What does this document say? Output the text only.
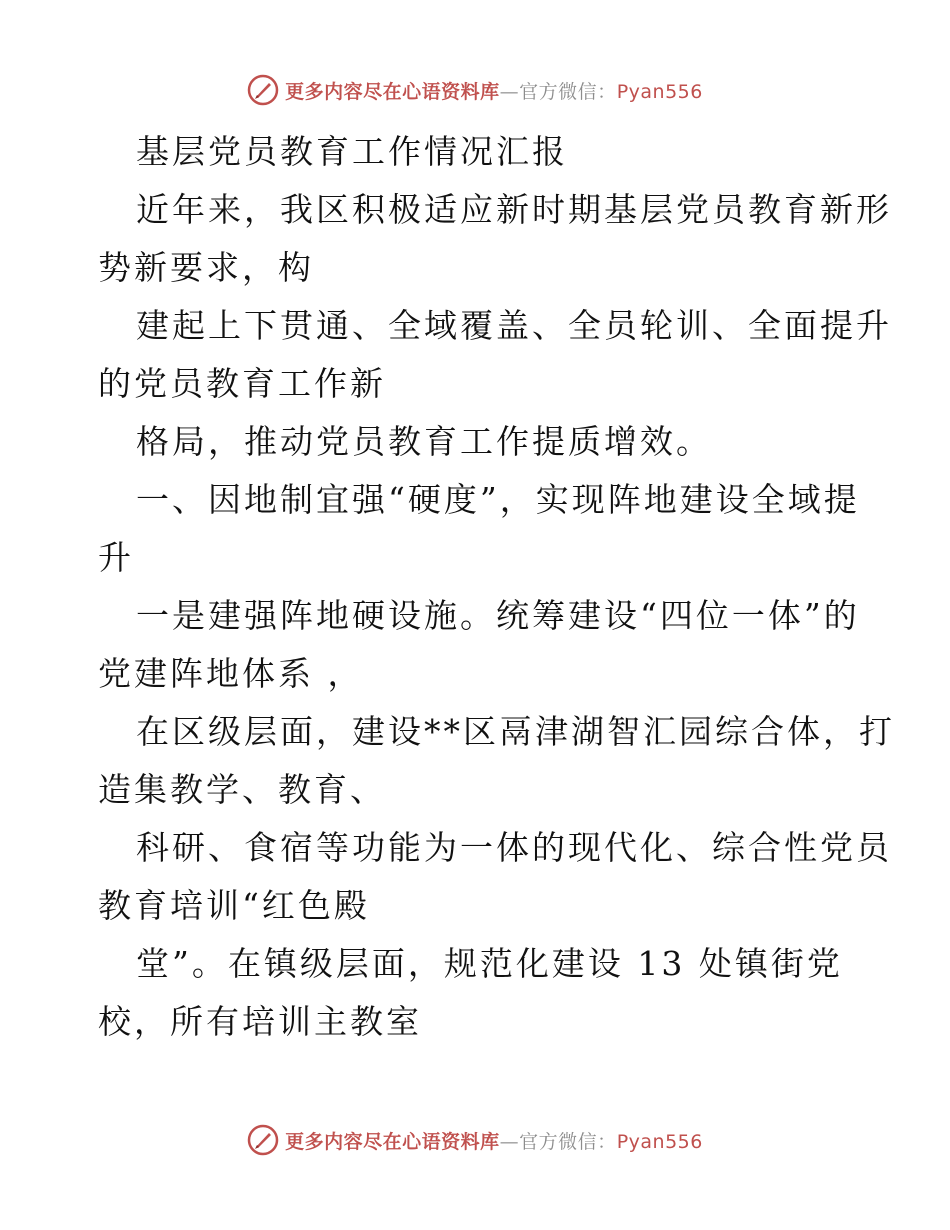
更多内容尽在心语资料库—官方微信：Pyan556
基层党员教育工作情况汇报
近年来，我区积极适应新时期基层党员教育新形
势新要求，构
建起上下贯通、全域覆盖、全员轮训、全面提升
的党员教育工作新
格局，推动党员教育工作提质增效。
一、因地制宜强“硬度”，实现阵地建设全域提
升
一是建强阵地硬设施。统筹建设“四位一体”的
党建阵地体系 ，
在区级层面，建设**区鬲津湖智汇园综合体，打
造集教学、教育、
科研、食宿等功能为一体的现代化、综合性党员
教育培训“红色殿
堂”。在镇级层面，规范化建设 13 处镇街党
校，所有培训主教室
更多内容尽在心语资料库—官方微信：Pyan556
